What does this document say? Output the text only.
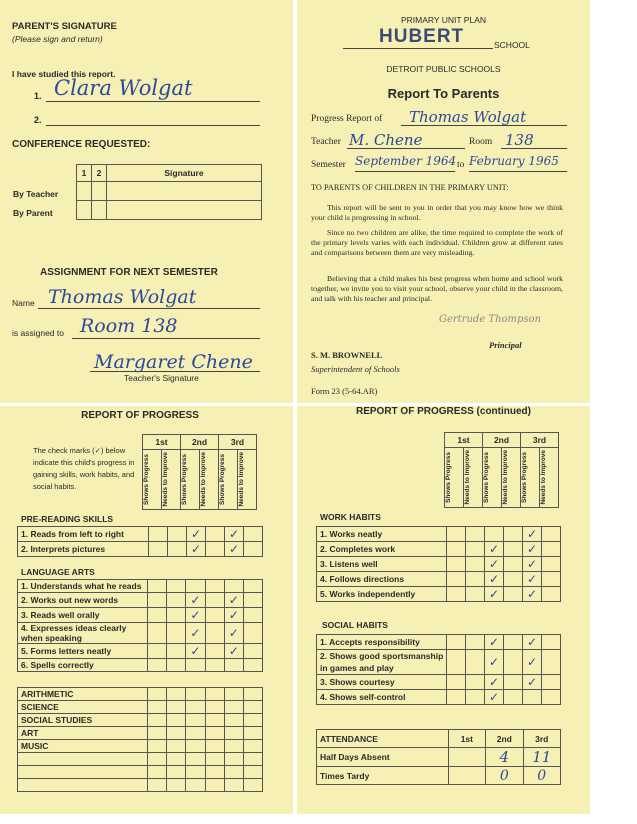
PARENT'S SIGNATURE
(Please sign and return)
I have studied this report.
1. Clara Wolgat
2.
CONFERENCE REQUESTED:
1	2	Signature

By Teacher
By Parent
ASSIGNMENT FOR NEXT SEMESTER
Name Thomas Wolgat
is assigned to Room 138
Margaret Chene
Teacher's Signature
PRIMARY UNIT PLAN
HUBERT	SCHOOL
DETROIT PUBLIC SCHOOLS
Report To Parents
Progress Report of Thomas Wolgat
Teacher M. Chene	Room 138
Semester September 1964 to February 1965
TO PARENTS OF CHILDREN IN THE PRIMARY UNIT:
This report will be sent to you in order that you may know how we think your child is progressing in school.
Since no two children are alike, the time required to complete the work of the primary levels varies with each individual. Children grow at different rates and comparisons between them are very misleading.
Believing that a child makes his best progress when home and school work together, we invite you to visit your school, observe your child in the classroom, and talk with his teacher and principal.
Gertrude Thompson
Principal
S. M. BROWNELL
Superintendent of Schools
Form 23 (5-64.AR)
REPORT OF PROGRESS
The check marks (✓) below indicate this child's progress in gaining skills, work habits, and social habits.
1st		2nd		3rd	

Shows Progress	Needs to Improve	Shows Progress	Needs to Improve	Shows Progress	Needs to Improve
PRE-READING SKILLS
1. Reads from left to right			✓		✓	
2. Interprets pictures			✓		✓	
LANGUAGE ARTS
1. Understands what he reads						
2. Works out new words			✓		✓	
3. Reads well orally			✓		✓	
4. Expresses ideas clearly when speaking			✓		✓	
5. Forms letters neatly			✓		✓	
6. Spells correctly						
ARITHMETIC						
SCIENCE						
SOCIAL STUDIES						
ART						
MUSIC						

REPORT OF PROGRESS (continued)
1st		2nd		3rd	

Shows Progress	Needs to Improve	Shows Progress	Needs to Improve	Shows Progress	Needs to Improve
WORK HABITS
1. Works neatly					✓	
2. Completes work			✓		✓	
3. Listens well			✓		✓	
4. Follows directions			✓		✓	
5. Works independently			✓		✓	
SOCIAL HABITS
1. Accepts responsibility			✓		✓	
2. Shows good sportsmanship in games and play			✓		✓	
3. Shows courtesy			✓		✓	
4. Shows self-control			✓			
ATTENDANCE	1st	2nd	3rd
Half Days Absent		4	11
Times Tardy		0	0
